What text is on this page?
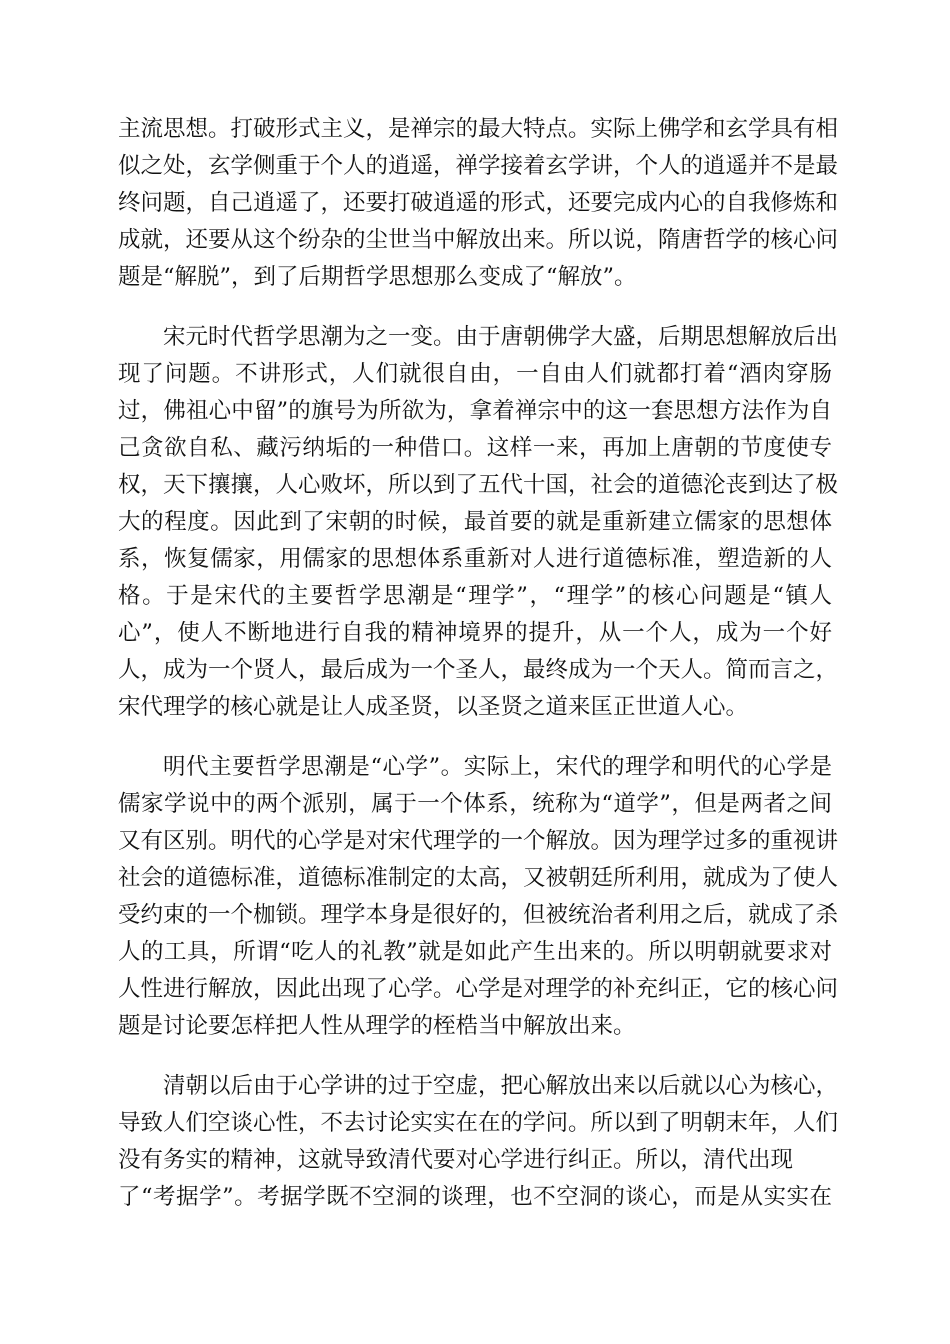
主流思想。打破形式主义，是禅宗的最大特点。实际上佛学和玄学具有相
似之处，玄学侧重于个人的逍遥，禅学接着玄学讲，个人的逍遥并不是最
终问题，自己逍遥了，还要打破逍遥的形式，还要完成内心的自我修炼和
成就，还要从这个纷杂的尘世当中解放出来。所以说，隋唐哲学的核心问
题是“解脱”，到了后期哲学思想那么变成了“解放”。
宋元时代哲学思潮为之一变。由于唐朝佛学大盛，后期思想解放后出
现了问题。不讲形式，人们就很自由，一自由人们就都打着“酒肉穿肠
过，佛祖心中留”的旗号为所欲为，拿着禅宗中的这一套思想方法作为自
己贪欲自私、藏污纳垢的一种借口。这样一来，再加上唐朝的节度使专
权，天下攘攘，人心败坏，所以到了五代十国，社会的道德沦丧到达了极
大的程度。因此到了宋朝的时候，最首要的就是重新建立儒家的思想体
系，恢复儒家，用儒家的思想体系重新对人进行道德标准，塑造新的人
格。于是宋代的主要哲学思潮是“理学”，“理学”的核心问题是“镇人
心”，使人不断地进行自我的精神境界的提升，从一个人，成为一个好
人，成为一个贤人，最后成为一个圣人，最终成为一个天人。简而言之，
宋代理学的核心就是让人成圣贤，以圣贤之道来匡正世道人心。
明代主要哲学思潮是“心学”。实际上，宋代的理学和明代的心学是
儒家学说中的两个派别，属于一个体系，统称为“道学”，但是两者之间
又有区别。明代的心学是对宋代理学的一个解放。因为理学过多的重视讲
社会的道德标准，道德标准制定的太高，又被朝廷所利用，就成为了使人
受约束的一个枷锁。理学本身是很好的，但被统治者利用之后，就成了杀
人的工具，所谓“吃人的礼教”就是如此产生出来的。所以明朝就要求对
人性进行解放，因此出现了心学。心学是对理学的补充纠正，它的核心问
题是讨论要怎样把人性从理学的桎梏当中解放出来。
清朝以后由于心学讲的过于空虚，把心解放出来以后就以心为核心，
导致人们空谈心性，不去讨论实实在在的学问。所以到了明朝末年，人们
没有务实的精神，这就导致清代要对心学进行纠正。所以，清代出现
了“考据学”。考据学既不空洞的谈理，也不空洞的谈心，而是从实实在
